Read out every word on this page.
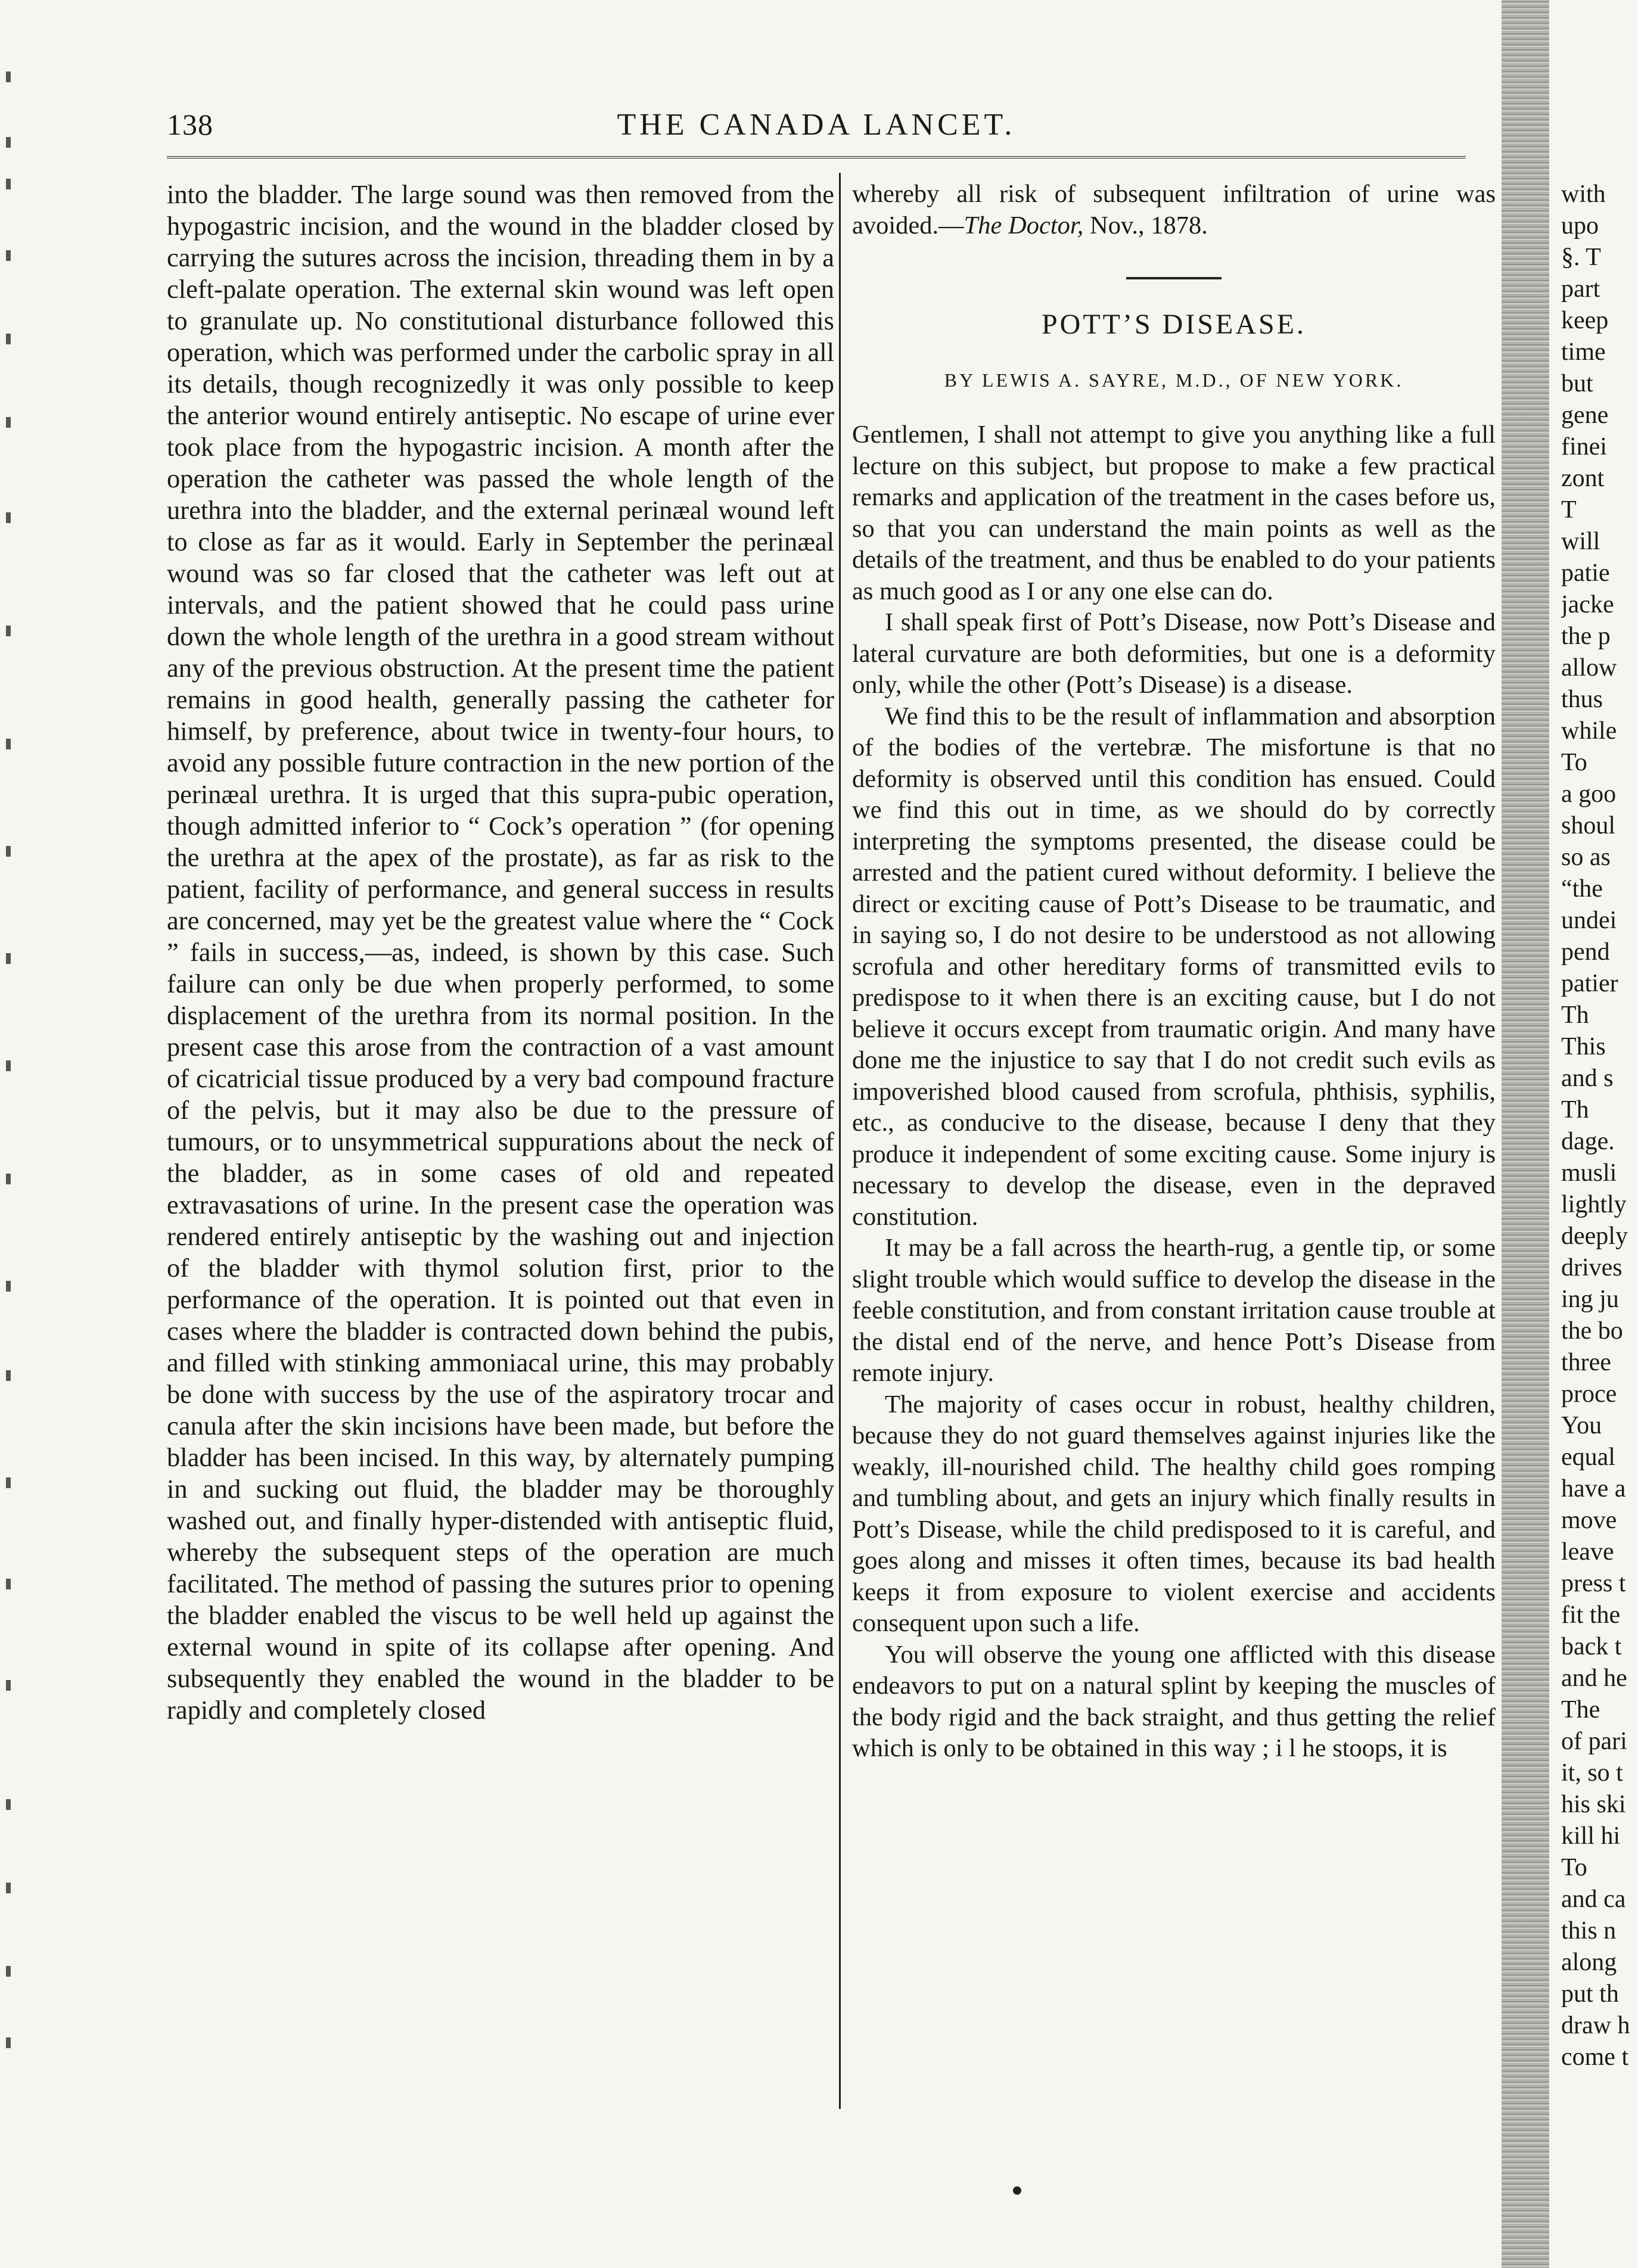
138	THE CANADA LANCET.

into the bladder. The large sound was then removed from the hypogastric incision, and the wound in the bladder closed by carrying the sutures across the incision, threading them in by a cleft-palate operation. The external skin wound was left open to granulate up. No constitutional disturbance followed this operation, which was performed under the carbolic spray in all its details, though recognizedly it was only possible to keep the anterior wound entirely antiseptic. No escape of urine ever took place from the hypogastric incision. A month after the operation the catheter was passed the whole length of the urethra into the bladder, and the external perinæal wound left to close as far as it would. Early in September the perinæal wound was so far closed that the catheter was left out at intervals, and the patient showed that he could pass urine down the whole length of the urethra in a good stream without any of the previous obstruction. At the present time the patient remains in good health, generally passing the catheter for himself, by preference, about twice in twenty-four hours, to avoid any possible future contraction in the new portion of the perinæal urethra. It is urged that this supra-pubic operation, though admitted inferior to “ Cock’s operation ” (for opening the urethra at the apex of the prostate), as far as risk to the patient, facility of performance, and general success in results are concerned, may yet be the greatest value where the “ Cock ” fails in success,—as, indeed, is shown by this case. Such failure can only be due when properly performed, to some displacement of the urethra from its normal position. In the present case this arose from the contraction of a vast amount of cicatricial tissue produced by a very bad compound fracture of the pelvis, but it may also be due to the pressure of tumours, or to unsymmetrical suppurations about the neck of the bladder, as in some cases of old and repeated extravasations of urine. In the present case the operation was rendered entirely antiseptic by the washing out and injection of the bladder with thymol solution first, prior to the performance of the operation. It is pointed out that even in cases where the bladder is contracted down behind the pubis, and filled with stinking ammoniacal urine, this may probably be done with success by the use of the aspiratory trocar and canula after the skin incisions have been made, but before the bladder has been incised. In this way, by alternately pumping in and sucking out fluid, the bladder may be thoroughly washed out, and finally hyper-distended with antiseptic fluid, whereby the subsequent steps of the operation are much facilitated. The method of passing the sutures prior to opening the bladder enabled the viscus to be well held up against the external wound in spite of its collapse after opening. And subsequently they enabled the wound in the bladder to be rapidly and completely closed

whereby all risk of subsequent infiltration of urine was avoided.—The Doctor, Nov., 1878.

POTT’S DISEASE.
BY LEWIS A. SAYRE, M.D., OF NEW YORK.

Gentlemen, I shall not attempt to give you anything like a full lecture on this subject, but propose to make a few practical remarks and application of the treatment in the cases before us, so that you can understand the main points as well as the details of the treatment, and thus be enabled to do your patients as much good as I or any one else can do.

I shall speak first of Pott’s Disease, now Pott’s Disease and lateral curvature are both deformities, but one is a deformity only, while the other (Pott’s Disease) is a disease.

We find this to be the result of inflammation and absorption of the bodies of the vertebræ. The misfortune is that no deformity is observed until this condition has ensued. Could we find this out in time, as we should do by correctly interpreting the symptoms presented, the disease could be arrested and the patient cured without deformity. I believe the direct or exciting cause of Pott’s Disease to be traumatic, and in saying so, I do not desire to be understood as not allowing scrofula and other hereditary forms of transmitted evils to predispose to it when there is an exciting cause, but I do not believe it occurs except from traumatic origin. And many have done me the injustice to say that I do not credit such evils as impoverished blood caused from scrofula, phthisis, syphilis, etc., as conducive to the disease, because I deny that they produce it independent of some exciting cause. Some injury is necessary to develop the disease, even in the depraved constitution.

It may be a fall across the hearth-rug, a gentle tip, or some slight trouble which would suffice to develop the disease in the feeble constitution, and from constant irritation cause trouble at the distal end of the nerve, and hence Pott’s Disease from remote injury.

The majority of cases occur in robust, healthy children, because they do not guard themselves against injuries like the weakly, ill-nourished child. The healthy child goes romping and tumbling about, and gets an injury which finally results in Pott’s Disease, while the child predisposed to it is careful, and goes along and misses it often times, because its bad health keeps it from exposure to violent exercise and accidents consequent upon such a life.

You will observe the young one afflicted with this disease endeavors to put on a natural splint by keeping the muscles of the body rigid and the back straight, and thus getting the relief which is only to be obtained in this way ; i l he stoops, it is

with
upo
§. T
part
keep
time
but
gene
finei
zont
T
will
patie
jacke
the p
allow
thus
while
To
a goo
shoul
so as
“the
undei
pend
patier
Th
This
and s
Th
dage.
musli
lightly
deeply
drives
ing ju
the bo
three
proce
You
equal
have a
move
leave
press t
fit the
back t
and he
The
of pari
it, so t
his ski
kill hi
To
and ca
this n
along
put th
draw h
come t
